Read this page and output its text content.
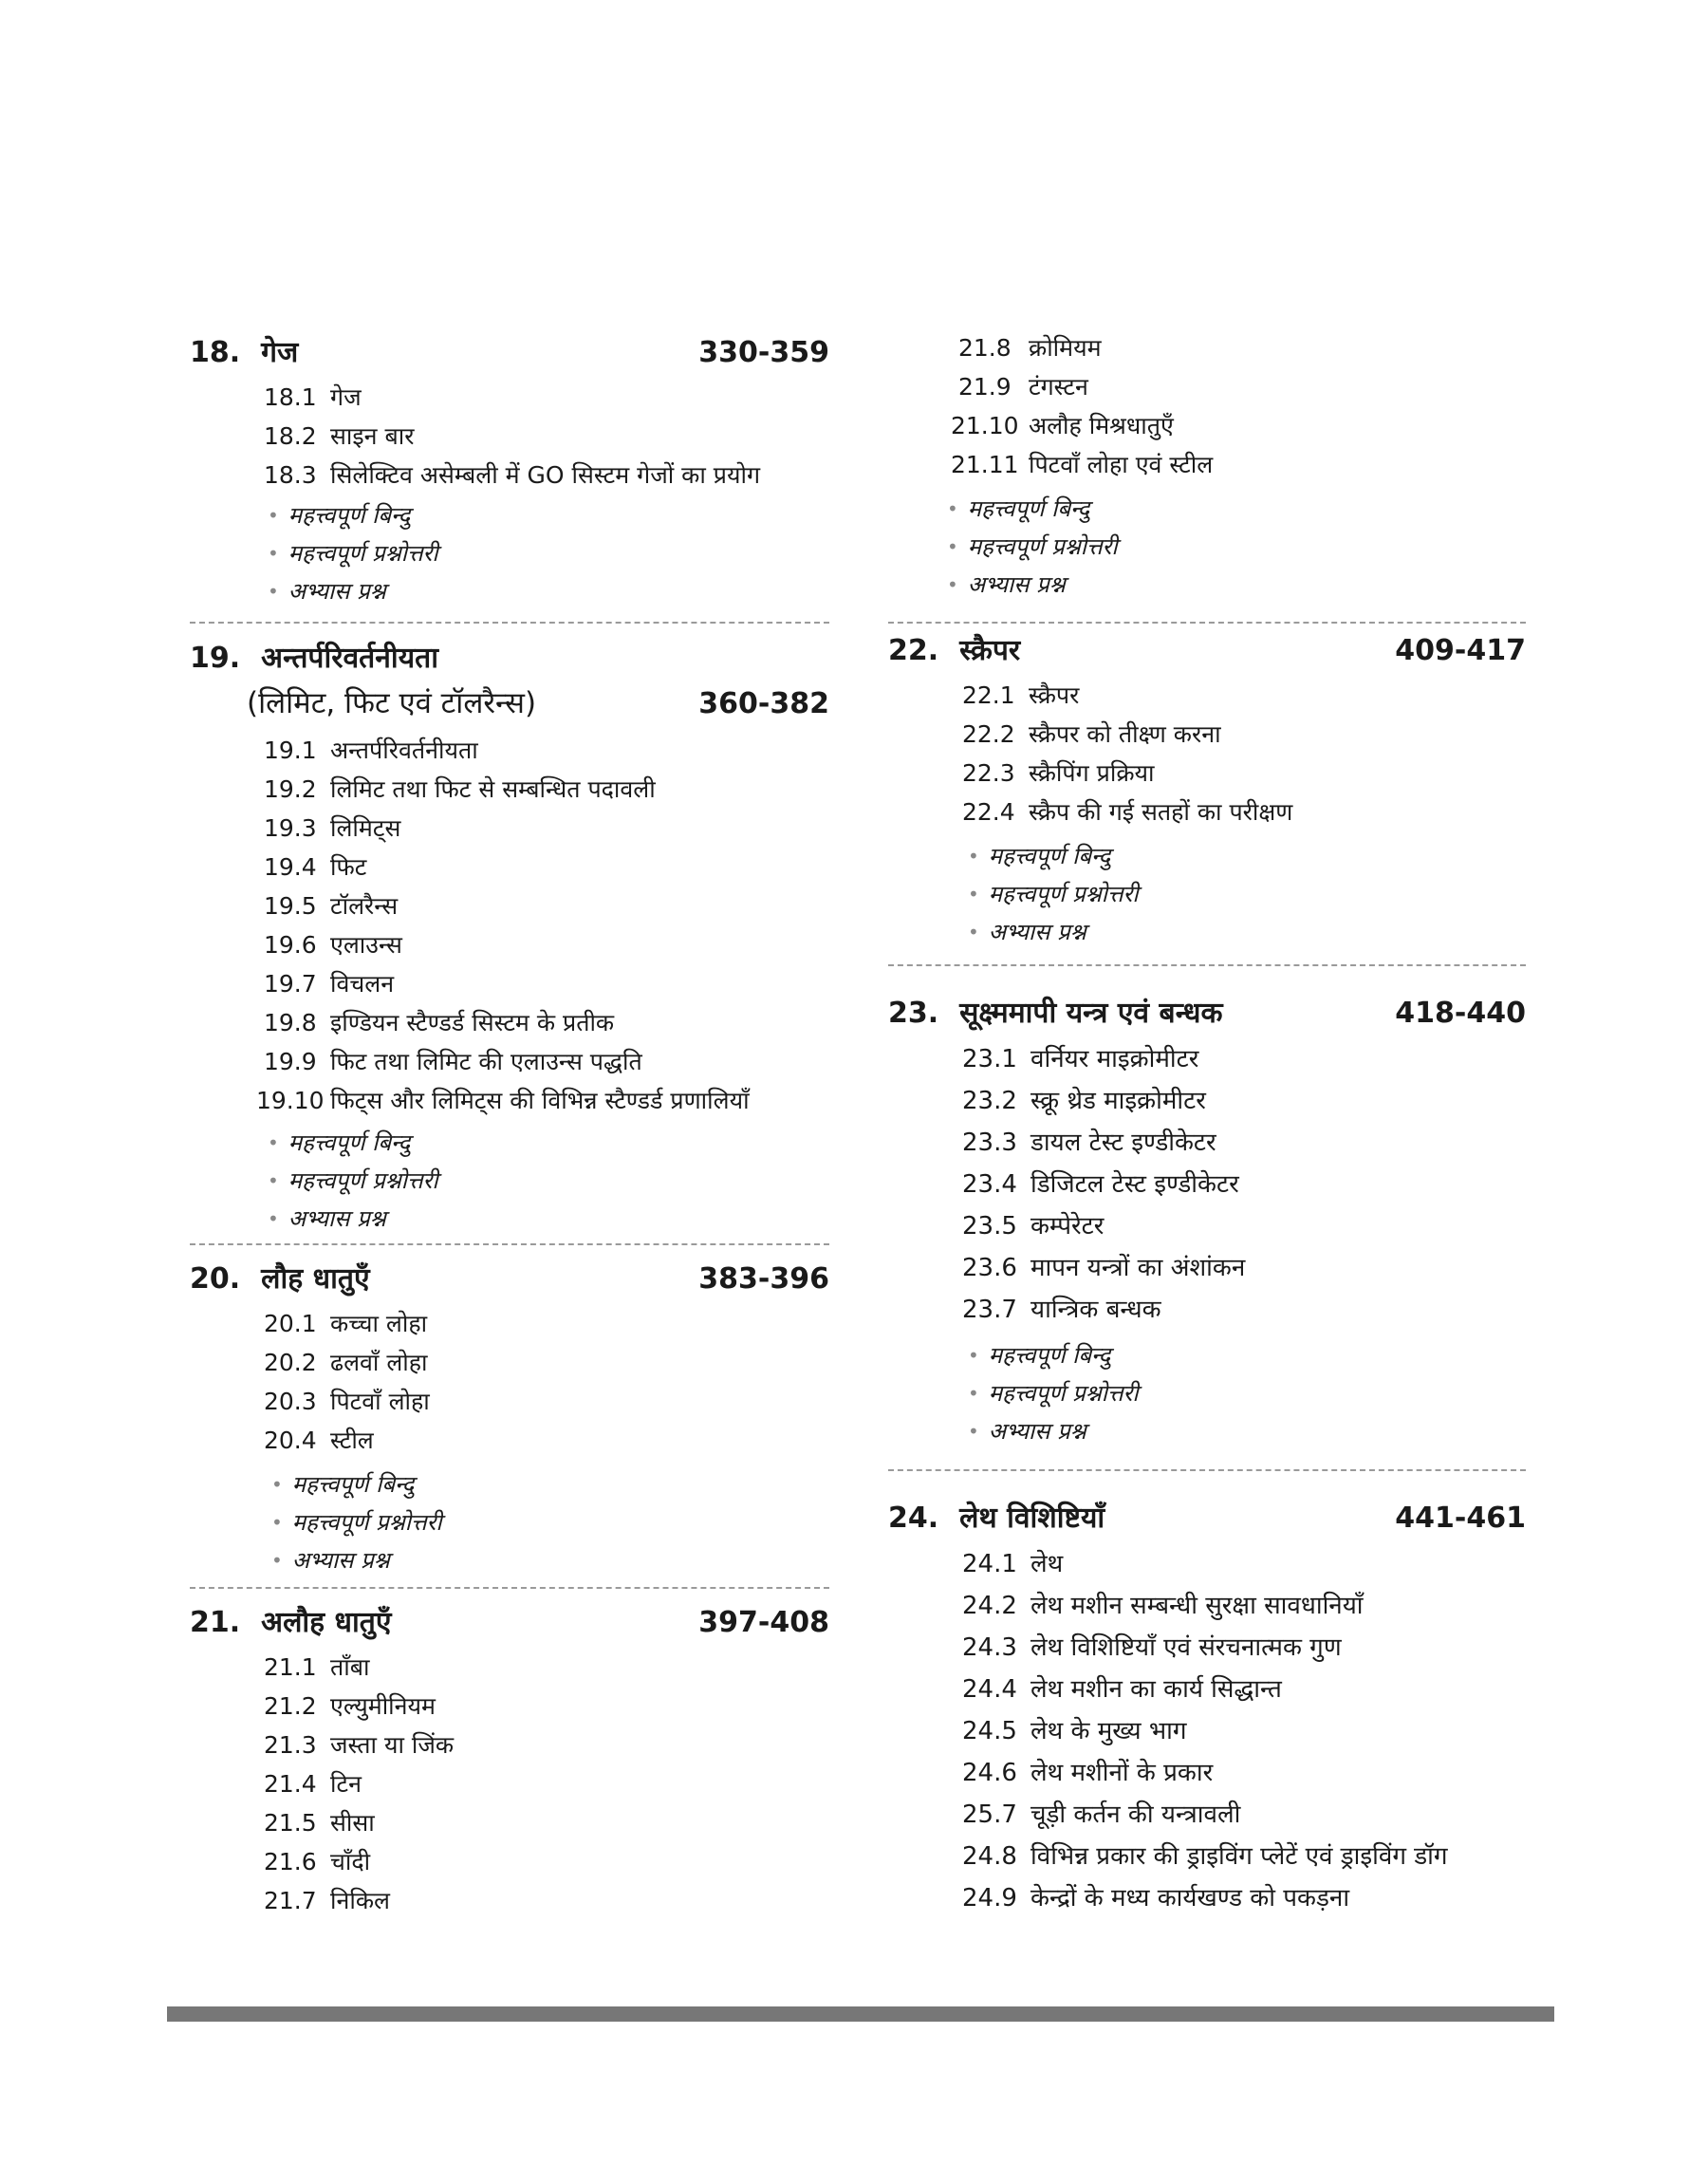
18. गेज	330-359
18.1 गेज
18.2 साइन बार
18.3 सिलेक्टिव असेम्बली में GO सिस्टम गेजों का प्रयोग
• महत्त्वपूर्ण बिन्दु
• महत्त्वपूर्ण प्रश्नोत्तरी
• अभ्यास प्रश्न
19. अन्तर्परिवर्तनीयता
(लिमिट, फिट एवं टॉलरैन्स)	360-382
19.1 अन्तर्परिवर्तनीयता
19.2 लिमिट तथा फिट से सम्बन्धित पदावली
19.3 लिमिट्स
19.4 फिट
19.5 टॉलरैन्स
19.6 एलाउन्स
19.7 विचलन
19.8 इण्डियन स्टैण्डर्ड सिस्टम के प्रतीक
19.9 फिट तथा लिमिट की एलाउन्स पद्धति
19.10 फिट्स और लिमिट्स की विभिन्न स्टैण्डर्ड प्रणालियाँ
• महत्त्वपूर्ण बिन्दु
• महत्त्वपूर्ण प्रश्नोत्तरी
• अभ्यास प्रश्न
20. लौह धातुएँ	383-396
20.1 कच्चा लोहा
20.2 ढलवाँ लोहा
20.3 पिटवाँ लोहा
20.4 स्टील
• महत्त्वपूर्ण बिन्दु
• महत्त्वपूर्ण प्रश्नोत्तरी
• अभ्यास प्रश्न
21. अलौह धातुएँ	397-408
21.1 ताँबा
21.2 एल्युमीनियम
21.3 जस्ता या जिंक
21.4 टिन
21.5 सीसा
21.6 चाँदी
21.7 निकिल
21.8 क्रोमियम
21.9 टंगस्टन
21.10 अलौह मिश्रधातुएँ
21.11 पिटवाँ लोहा एवं स्टील
• महत्त्वपूर्ण बिन्दु
• महत्त्वपूर्ण प्रश्नोत्तरी
• अभ्यास प्रश्न
22. स्क्रैपर	409-417
22.1 स्क्रैपर
22.2 स्क्रैपर को तीक्ष्ण करना
22.3 स्क्रैपिंग प्रक्रिया
22.4 स्क्रैप की गई सतहों का परीक्षण
• महत्त्वपूर्ण बिन्दु
• महत्त्वपूर्ण प्रश्नोत्तरी
• अभ्यास प्रश्न
23. सूक्ष्ममापी यन्त्र एवं बन्धक	418-440
23.1 वर्नियर माइक्रोमीटर
23.2 स्क्रू थ्रेड माइक्रोमीटर
23.3 डायल टेस्ट इण्डीकेटर
23.4 डिजिटल टेस्ट इण्डीकेटर
23.5 कम्पेरेटर
23.6 मापन यन्त्रों का अंशांकन
23.7 यान्त्रिक बन्धक
• महत्त्वपूर्ण बिन्दु
• महत्त्वपूर्ण प्रश्नोत्तरी
• अभ्यास प्रश्न
24. लेथ विशिष्टियाँ	441-461
24.1 लेथ
24.2 लेथ मशीन सम्बन्धी सुरक्षा सावधानियाँ
24.3 लेथ विशिष्टियाँ एवं संरचनात्मक गुण
24.4 लेथ मशीन का कार्य सिद्धान्त
24.5 लेथ के मुख्य भाग
24.6 लेथ मशीनों के प्रकार
25.7 चूड़ी कर्तन की यन्त्रावली
24.8 विभिन्न प्रकार की ड्राइविंग प्लेटें एवं ड्राइविंग डॉग
24.9 केन्द्रों के मध्य कार्यखण्ड को पकड़ना
